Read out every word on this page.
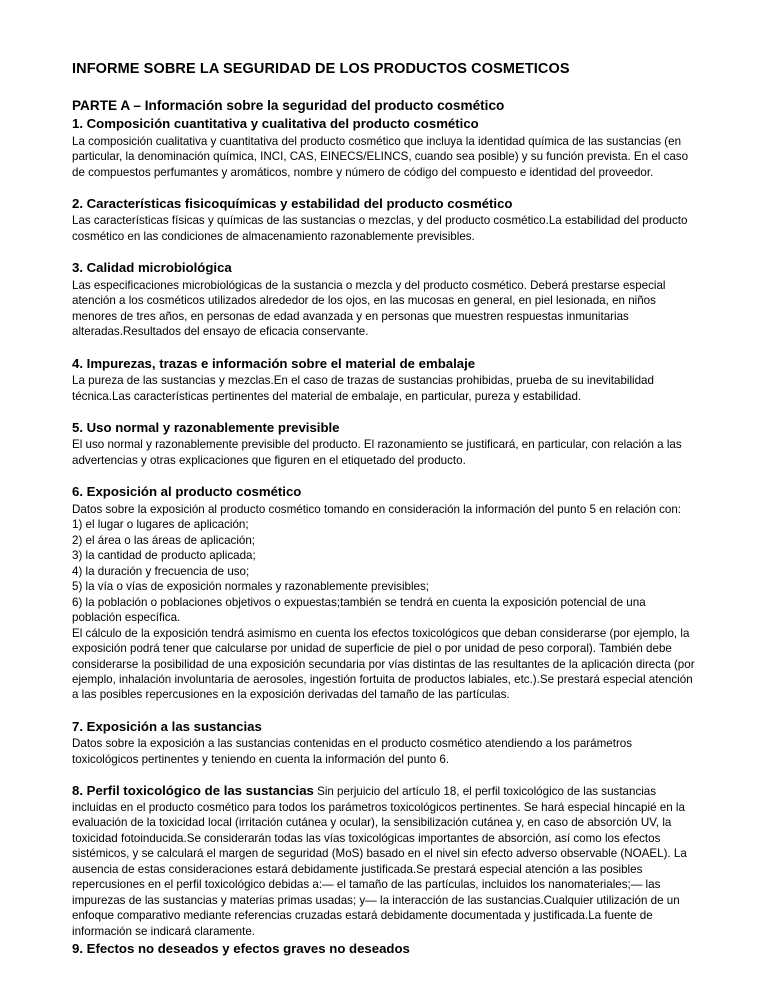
INFORME SOBRE LA SEGURIDAD DE LOS PRODUCTOS COSMETICOS
PARTE A – Información sobre la seguridad del producto cosmético
1. Composición cuantitativa y cualitativa del producto cosmético

La composición cualitativa y cuantitativa del producto cosmético que incluya la identidad química de las sustancias (en particular, la denominación química, INCI, CAS, EINECS/ELINCS, cuando sea posible) y su función prevista. En el caso de compuestos perfumantes y aromáticos, nombre y número de código del compuesto e identidad del proveedor.

2. Características fisicoquímicas y estabilidad del producto cosmético

Las características físicas y químicas de las sustancias o mezclas, y del producto cosmético.La estabilidad del producto cosmético en las condiciones de almacenamiento razonablemente previsibles.

3. Calidad microbiológica

Las especificaciones microbiológicas de la sustancia o mezcla y del producto cosmético. Deberá prestarse especial atención a los cosméticos utilizados alrededor de los ojos, en las mucosas en general, en piel lesionada, en niños menores de tres años, en personas de edad avanzada y en personas que muestren respuestas inmunitarias alteradas.Resultados del ensayo de eficacia conservante.

4. Impurezas, trazas e información sobre el material de embalaje

La pureza de las sustancias y mezclas.En el caso de trazas de sustancias prohibidas, prueba de su inevitabilidad técnica.Las características pertinentes del material de embalaje, en particular, pureza y estabilidad.

5. Uso normal y razonablemente previsible

El uso normal y razonablemente previsible del producto. El razonamiento se justificará, en particular, con relación a las advertencias y otras explicaciones que figuren en el etiquetado del producto.

6. Exposición al producto cosmético

Datos sobre la exposición al producto cosmético tomando en consideración la información del punto 5 en relación con:

1) el lugar o lugares de aplicación;

2) el área o las áreas de aplicación;

3) la cantidad de producto aplicada;

4) la duración y frecuencia de uso;

5) la vía o vías de exposición normales y razonablemente previsibles;

6) la población o poblaciones objetivos o expuestas;también se tendrá en cuenta la exposición potencial de una población específica.

El cálculo de la exposición tendrá asimismo en cuenta los efectos toxicológicos que deban considerarse (por ejemplo, la exposición podrá tener que calcularse por unidad de superficie de piel o por unidad de peso corporal). También debe considerarse la posibilidad de una exposición secundaria por vías distintas de las resultantes de la aplicación directa (por ejemplo, inhalación involuntaria de aerosoles, ingestión fortuita de productos labiales, etc.).Se prestará especial atención a las posibles repercusiones en la exposición derivadas del tamaño de las partículas.

7. Exposición a las sustancias

Datos sobre la exposición a las sustancias contenidas en el producto cosmético atendiendo a los parámetros toxicológicos pertinentes y teniendo en cuenta la información del punto 6.

8. Perfil toxicológico de las sustancias Sin perjuicio del artículo 18, el perfil toxicológico de las sustancias incluidas en el producto cosmético para todos los parámetros toxicológicos pertinentes. Se hará especial hincapié en la evaluación de la toxicidad local (irritación cutánea y ocular), la sensibilización cutánea y, en caso de absorción UV, la toxicidad fotoinducida.Se considerarán todas las vías toxicológicas importantes de absorción, así como los efectos sistémicos, y se calculará el margen de seguridad (MoS) basado en el nivel sin efecto adverso observable (NOAEL). La ausencia de estas consideraciones estará debidamente justificada.Se prestará especial atención a las posibles repercusiones en el perfil toxicológico debidas a:— el tamaño de las partículas, incluidos los nanomateriales;— las impurezas de las sustancias y materias primas usadas; y— la interacción de las sustancias.Cualquier utilización de un enfoque comparativo mediante referencias cruzadas estará debidamente documentada y justificada.La fuente de información se indicará claramente.

9. Efectos no deseados y efectos graves no deseados
